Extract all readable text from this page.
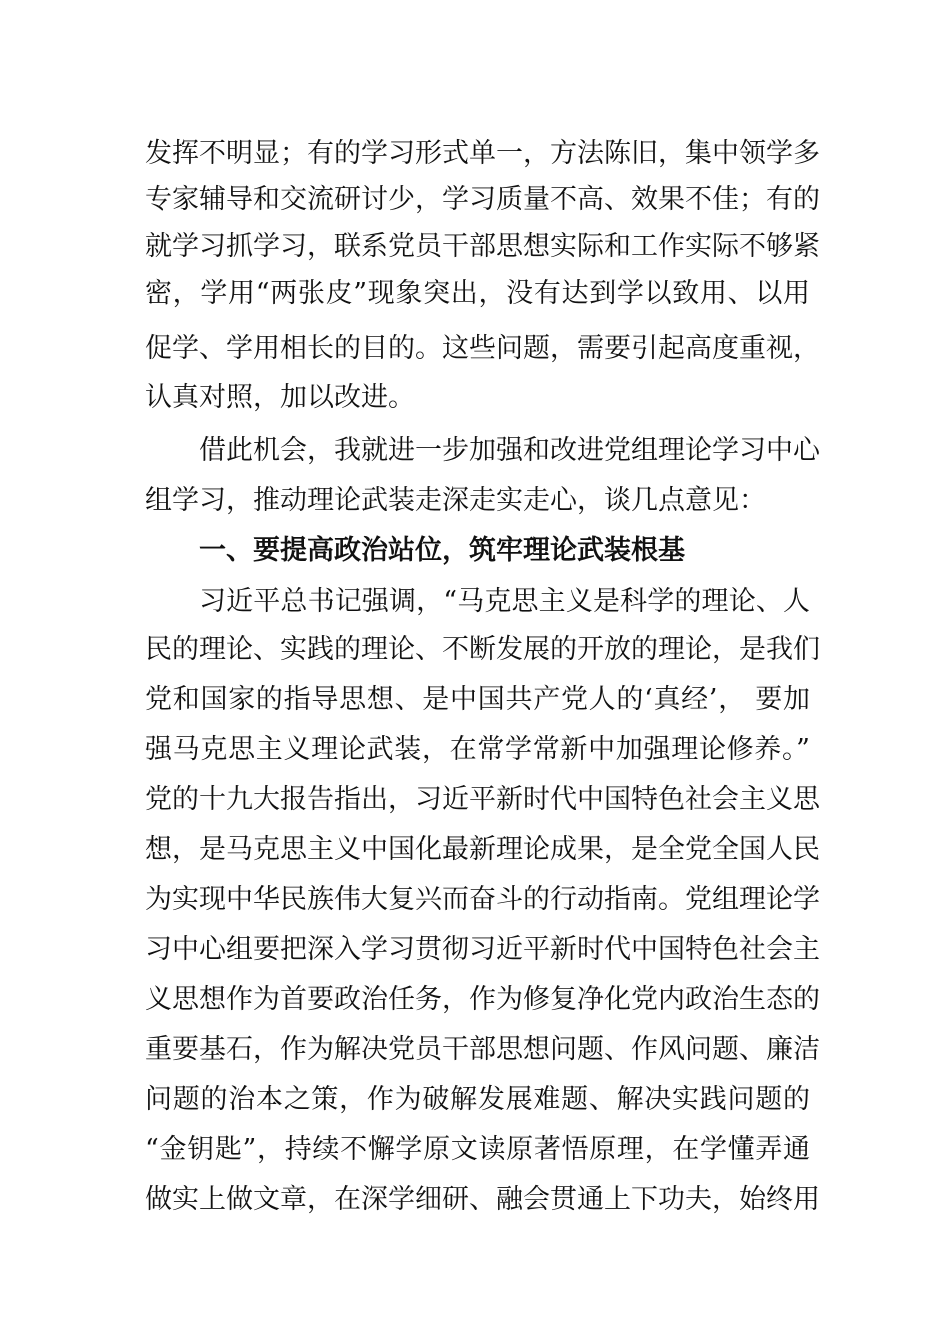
发挥不明显；有的学习形式单一，方法陈旧，集中领学多
专家辅导和交流研讨少，学习质量不高、效果不佳；有的
就学习抓学习，联系党员干部思想实际和工作实际不够紧
密，学用“两张皮”现象突出，没有达到学以致用、以用
促学、学用相长的目的。这些问题，需要引起高度重视，
认真对照，加以改进。
借此机会，我就进一步加强和改进党组理论学习中心
组学习，推动理论武装走深走实走心，谈几点意见：
一、要提高政治站位，筑牢理论武装根基
习近平总书记强调，“马克思主义是科学的理论、人
民的理论、实践的理论、不断发展的开放的理论，是我们
党和国家的指导思想、是中国共产党人的‘真经’， 要加
强马克思主义理论武装，在常学常新中加强理论修养。”
党的十九大报告指出，习近平新时代中国特色社会主义思
想，是马克思主义中国化最新理论成果，是全党全国人民
为实现中华民族伟大复兴而奋斗的行动指南。党组理论学
习中心组要把深入学习贯彻习近平新时代中国特色社会主
义思想作为首要政治任务，作为修复净化党内政治生态的
重要基石，作为解决党员干部思想问题、作风问题、廉洁
问题的治本之策，作为破解发展难题、解决实践问题的
“金钥匙”，持续不懈学原文读原著悟原理，在学懂弄通
做实上做文章，在深学细研、融会贯通上下功夫，始终用
